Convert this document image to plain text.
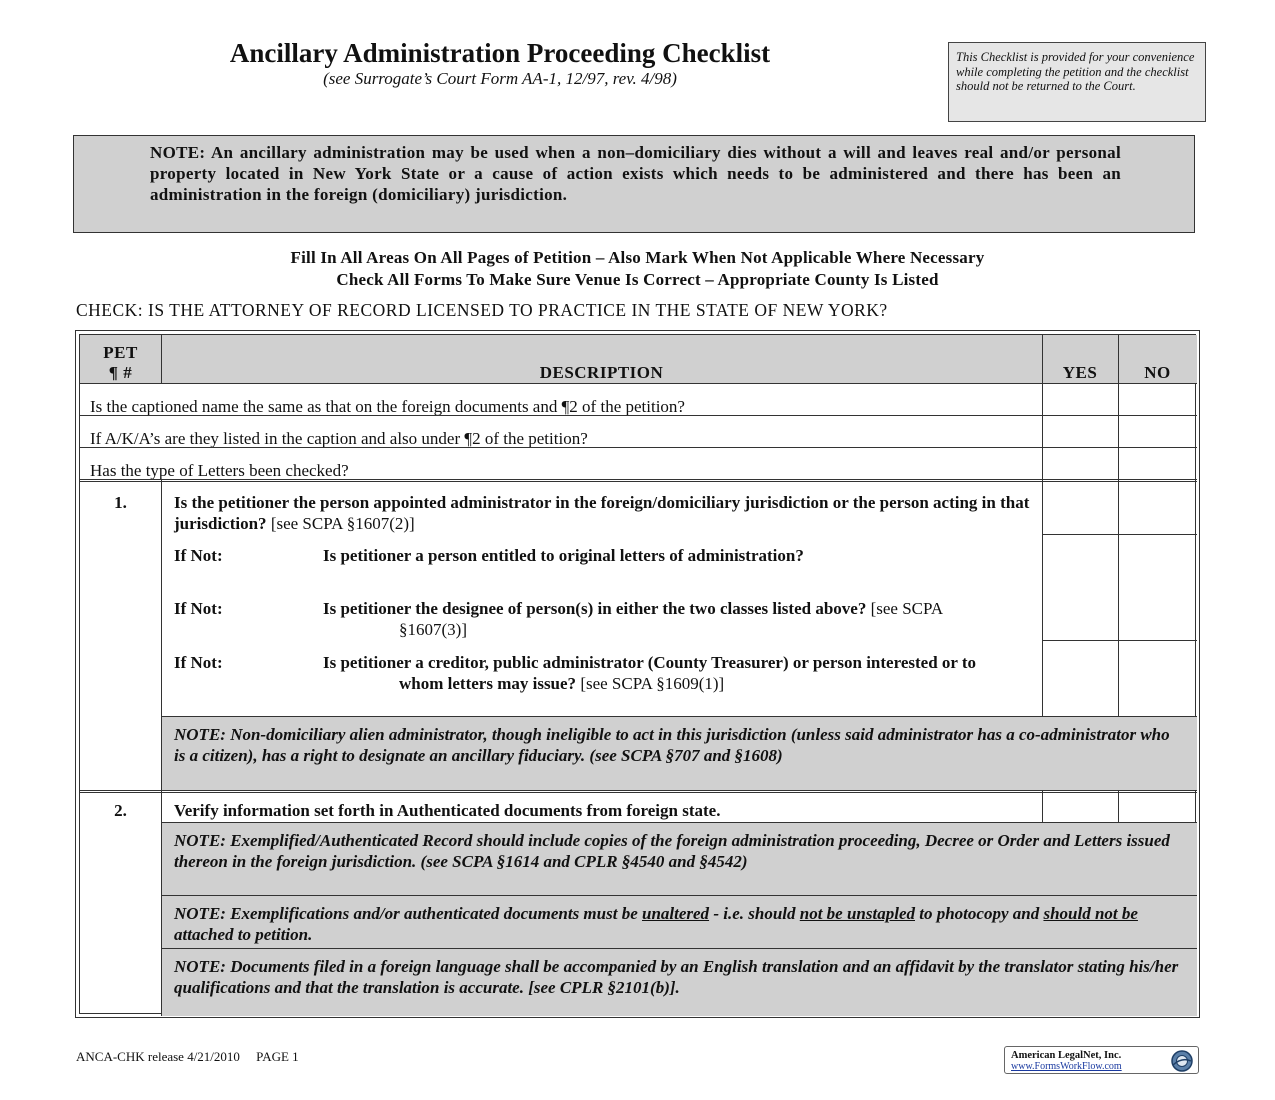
Ancillary Administration Proceeding Checklist
(see Surrogate’s Court Form AA-1, 12/97, rev. 4/98)
This Checklist is provided for your convenience while completing the petition and the checklist should not be returned to the Court.
NOTE: An ancillary administration may be used when a non–domiciliary dies without a will and leaves real and/or personal property located in New York State or a cause of action exists which needs to be administered and there has been an administration in the foreign (domiciliary) jurisdiction.
Fill In All Areas On All Pages of Petition – Also Mark When Not Applicable Where Necessary
Check All Forms To Make Sure Venue Is Correct – Appropriate County Is Listed
CHECK: IS THE ATTORNEY OF RECORD LICENSED TO PRACTICE IN THE STATE OF NEW YORK?
PET
¶ #	DESCRIPTION	YES	NO
Is the captioned name the same as that on the foreign documents and ¶2 of the petition?
If A/K/A’s are they listed in the caption and also under ¶2 of the petition?
Has the type of Letters been checked?
1.	Is the petitioner the person appointed administrator in the foreign/domiciliary jurisdiction or the person acting in that jurisdiction? [see SCPA §1607(2)]
If Not:	Is petitioner a person entitled to original letters of administration?
If Not:	Is petitioner the designee of person(s) in either the two classes listed above? [see SCPA §1607(3)]
If Not:	Is petitioner a creditor, public administrator (County Treasurer) or person interested or to whom letters may issue? [see SCPA §1609(1)]
NOTE: Non-domiciliary alien administrator, though ineligible to act in this jurisdiction (unless said administrator has a co-administrator who is a citizen), has a right to designate an ancillary fiduciary. (see SCPA §707 and §1608)
2.	Verify information set forth in Authenticated documents from foreign state.
NOTE: Exemplified/Authenticated Record should include copies of the foreign administration proceeding, Decree or Order and Letters issued thereon in the foreign jurisdiction. (see SCPA §1614 and CPLR §4540 and §4542)
NOTE: Exemplifications and/or authenticated documents must be unaltered - i.e. should not be unstapled to photocopy and should not be attached to petition.
NOTE: Documents filed in a foreign language shall be accompanied by an English translation and an affidavit by the translator stating his/her qualifications and that the translation is accurate. [see CPLR §2101(b)].
ANCA-CHK release 4/21/2010     PAGE 1	American LegalNet, Inc.
www.FormsWorkFlow.com
